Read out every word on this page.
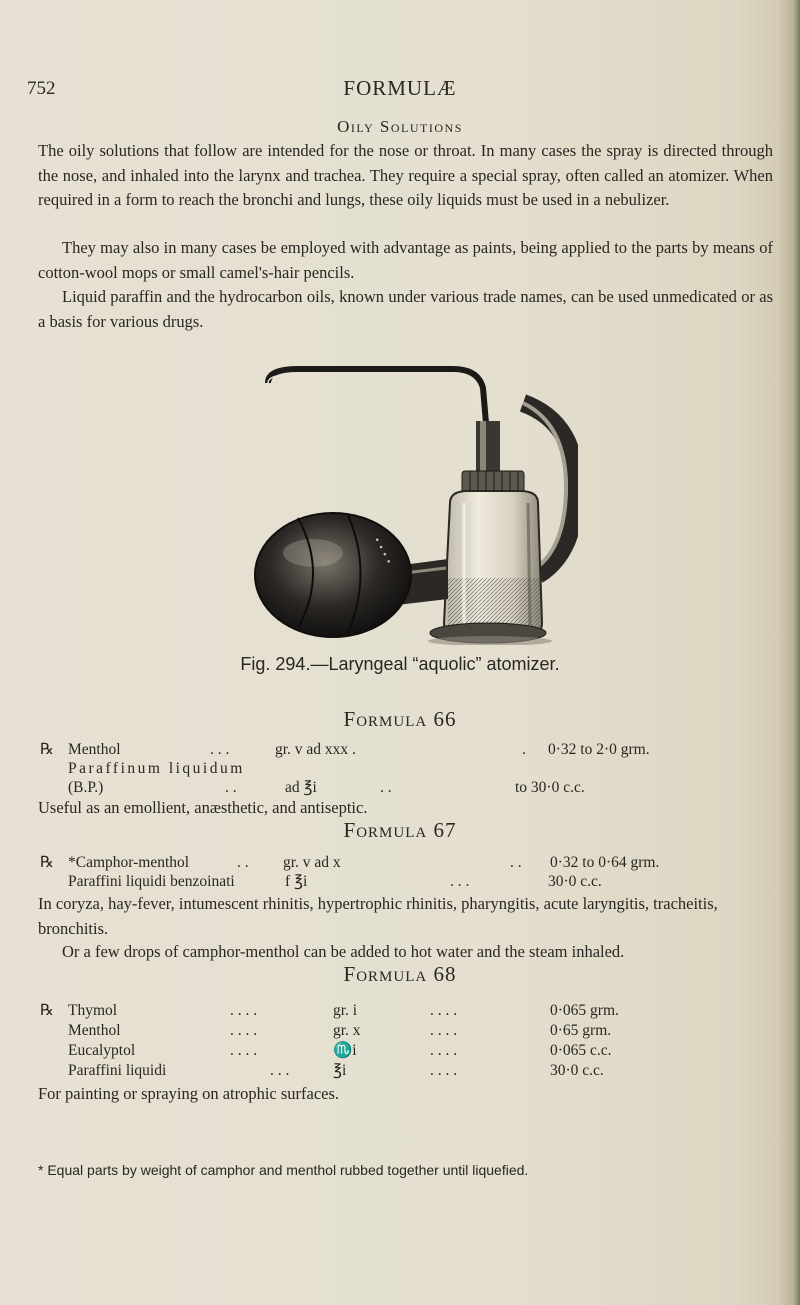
752	FORMULÆ
Oily Solutions
The oily solutions that follow are intended for the nose or throat. In many cases the spray is directed through the nose, and inhaled into the larynx and trachea. They require a special spray, often called an atomizer. When required in a form to reach the bronchi and lungs, these oily liquids must be used in a nebulizer.
They may also in many cases be employed with advantage as paints, being applied to the parts by means of cotton-wool mops or small camel's-hair pencils.
Liquid paraffin and the hydrocarbon oils, known under various trade names, can be used unmedicated or as a basis for various drugs.
• • • •
Fig. 294.—Laryngeal “aquolic” atomizer.
Formula 66
℞ Menthol	. . .	gr. v ad xxx .	. 0·32 to 2·0 grm.
Paraffinum liquidum
(B.P.)	. .	ad ℥i	. .	to 30·0 c.c.
Useful as an emollient, anæsthetic, and antiseptic.
Formula 67
℞ *Camphor-menthol	. . gr. v ad x	. . 0·32 to 0·64 grm.
Paraffini liquidi benzoinati	f ℥i	. . .	30·0 c.c.
In coryza, hay-fever, intumescent rhinitis, hypertrophic rhinitis, pharyngitis, acute laryngitis, tracheitis, bronchitis.
Or a few drops of camphor-menthol can be added to hot water and the steam inhaled.
Formula 68
℞ Thymol	. . . .	gr. i	. . . .	0·065 grm.
Menthol	. . . .	gr. x	. . . .	0·65 grm.
Eucalyptol	. . . .	♏i	. . . .	0·065 c.c.
Paraffini liquidi	. . .	℥i	. . . .	30·0 c.c.
For painting or spraying on atrophic surfaces.
* Equal parts by weight of camphor and menthol rubbed together until liquefied.
